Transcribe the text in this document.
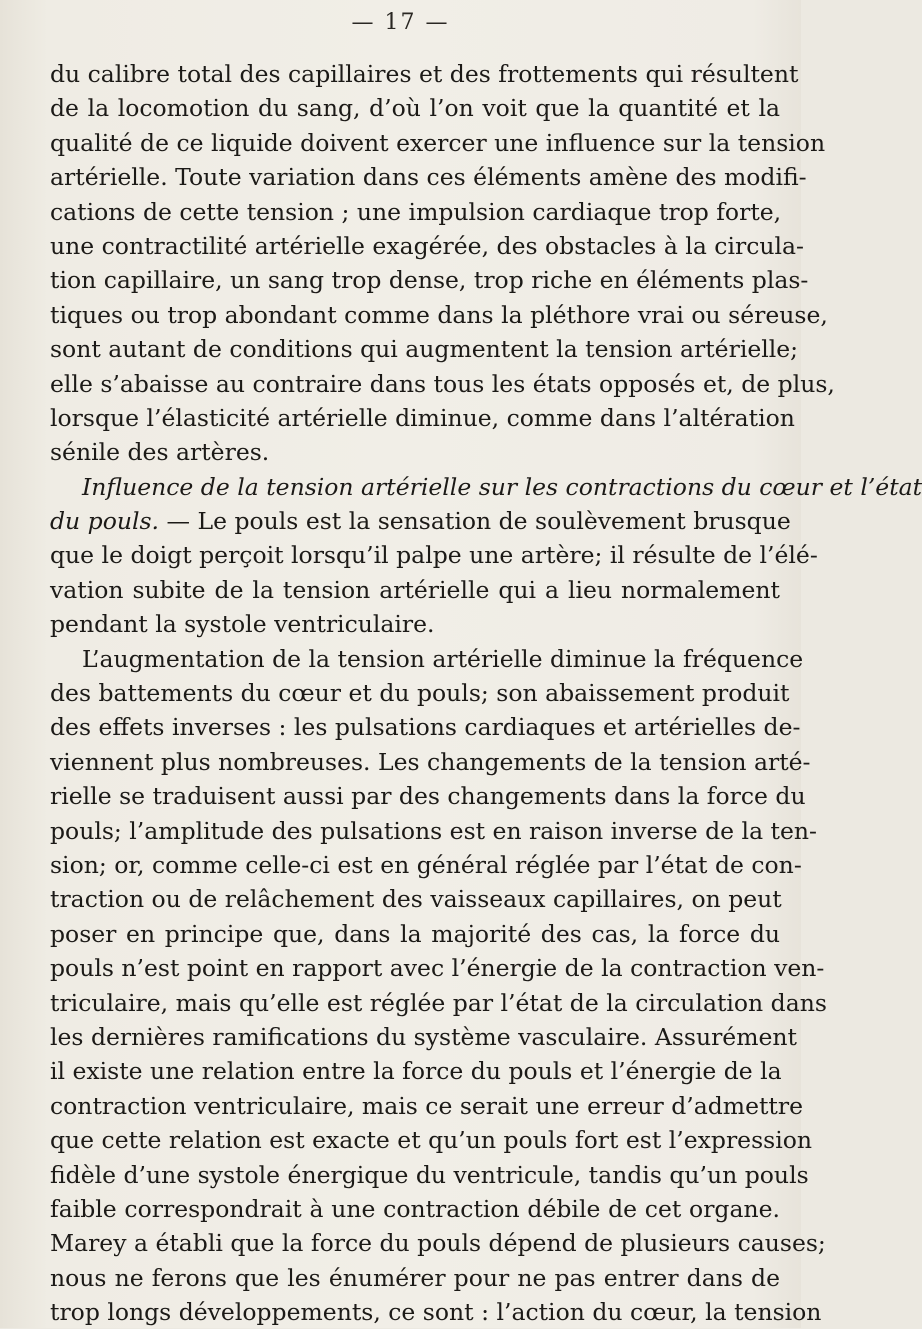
— 17 —
du calibre total des capillaires et des frottements qui résultent
de la locomotion du sang, d’où l’on voit que la quantité et la
qualité de ce liquide doivent exercer une influence sur la tension
artérielle. Toute variation dans ces éléments amène des modifi-
cations de cette tension ; une impulsion cardiaque trop forte,
une contractilité artérielle exagérée, des obstacles à la circula-
tion capillaire, un sang trop dense, trop riche en éléments plas-
tiques ou trop abondant comme dans la pléthore vrai ou séreuse,
sont autant de conditions qui augmentent la tension artérielle;
elle s’abaisse au contraire dans tous les états opposés et, de plus,
lorsque l’élasticité artérielle diminue, comme dans l’altération
sénile des artères.
Influence de la tension artérielle sur les contractions du cœur et l’état
du pouls. — Le pouls est la sensation de soulèvement brusque
que le doigt perçoit lorsqu’il palpe une artère; il résulte de l’élé-
vation subite de la tension artérielle qui a lieu normalement
pendant la systole ventriculaire.
L’augmentation de la tension artérielle diminue la fréquence
des battements du cœur et du pouls; son abaissement produit
des effets inverses : les pulsations cardiaques et artérielles de-
viennent plus nombreuses. Les changements de la tension arté-
rielle se traduisent aussi par des changements dans la force du
pouls; l’amplitude des pulsations est en raison inverse de la ten-
sion; or, comme celle-ci est en général réglée par l’état de con-
traction ou de relâchement des vaisseaux capillaires, on peut
poser en principe que, dans la majorité des cas, la force du
pouls n’est point en rapport avec l’énergie de la contraction ven-
triculaire, mais qu’elle est réglée par l’état de la circulation dans
les dernières ramifications du système vasculaire. Assurément
il existe une relation entre la force du pouls et l’énergie de la
contraction ventriculaire, mais ce serait une erreur d’admettre
que cette relation est exacte et qu’un pouls fort est l’expression
fidèle d’une systole énergique du ventricule, tandis qu’un pouls
faible correspondrait à une contraction débile de cet organe.
Marey a établi que la force du pouls dépend de plusieurs causes;
nous ne ferons que les énumérer pour ne pas entrer dans de
trop longs développements, ce sont : l’action du cœur, la tension
